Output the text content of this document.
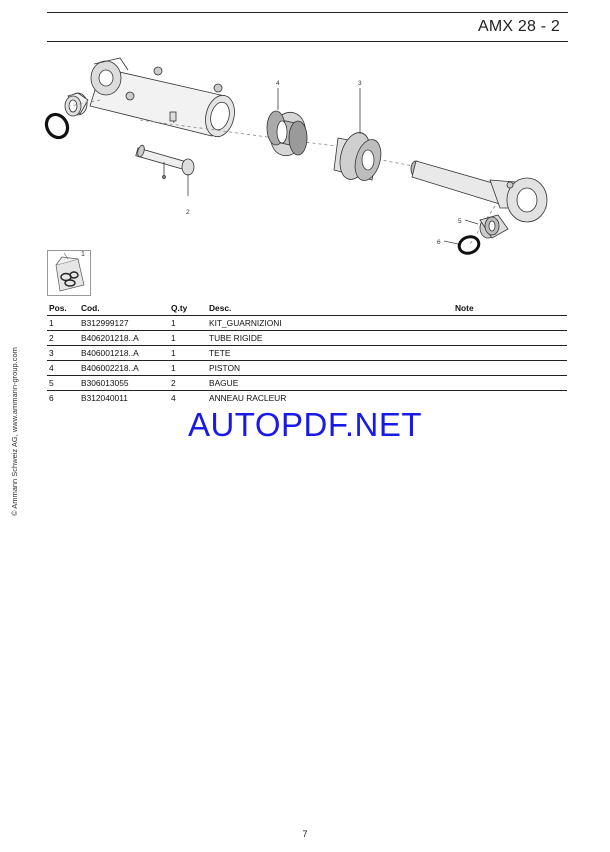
AMX 28 - 2
© Ammann Schweiz AG, www.ammann-group.com
2
4	3
5
6
1
Pos.	Cod.	Q.ty	Desc.	Note
1	B312999127	1	KIT_GUARNIZIONI	
2	B406201218..A	1	TUBE RIGIDE	
3	B406001218..A	1	TETE	
4	B406002218..A	1	PISTON	
5	B306013055	2	BAGUE	
6	B312040011	4	ANNEAU RACLEUR	
AUTOPDF.NET
7
